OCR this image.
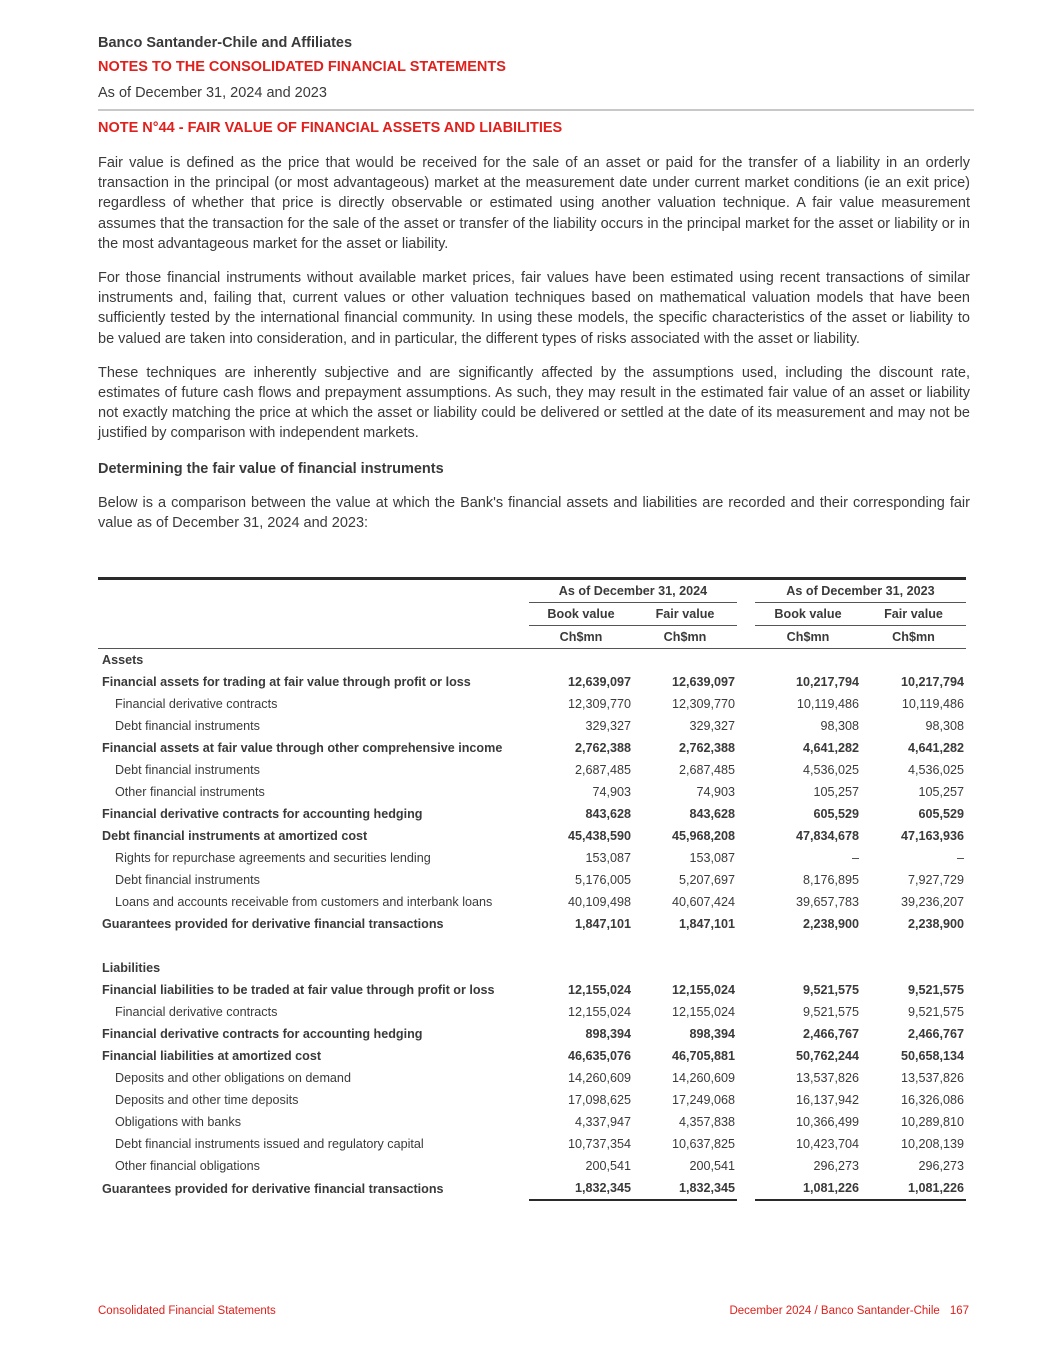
Banco Santander-Chile and Affiliates
NOTES TO THE CONSOLIDATED FINANCIAL STATEMENTS
As of December 31, 2024 and 2023
NOTE N°44 - FAIR VALUE OF FINANCIAL ASSETS AND LIABILITIES

Fair value is defined as the price that would be received for the sale of an asset or paid for the transfer of a liability in an orderly transaction in the principal (or most advantageous) market at the measurement date under current market conditions (ie an exit price) regardless of whether that price is directly observable or estimated using another valuation technique. A fair value measurement assumes that the transaction for the sale of the asset or transfer of the liability occurs in the principal market for the asset or liability or in the most advantageous market for the asset or liability.

For those financial instruments without available market prices, fair values have been estimated using recent transactions of similar instruments and, failing that, current values or other valuation techniques based on mathematical valuation models that have been sufficiently tested by the international financial community. In using these models, the specific characteristics of the asset or liability to be valued are taken into consideration, and in particular, the different types of risks associated with the asset or liability.

These techniques are inherently subjective and are significantly affected by the assumptions used, including the discount rate, estimates of future cash flows and prepayment assumptions. As such, they may result in the estimated fair value of an asset or liability not exactly matching the price at which the asset or liability could be delivered or settled at the date of its measurement and may not be justified by comparison with independent markets.

Determining the fair value of financial instruments

Below is a comparison between the value at which the Bank's financial assets and liabilities are recorded and their corresponding fair value as of December 31, 2024 and 2023:

	As of December 31, 2024			As of December 31, 2023	
	Book value	Fair value		Book value	Fair value
	Ch$mn	Ch$mn		Ch$mn	Ch$mn
Assets					
Financial assets for trading at fair value through profit or loss	12,639,097	12,639,097		10,217,794	10,217,794
Financial derivative contracts	12,309,770	12,309,770		10,119,486	10,119,486
Debt financial instruments	329,327	329,327		98,308	98,308
Financial assets at fair value through other comprehensive income	2,762,388	2,762,388		4,641,282	4,641,282
Debt financial instruments	2,687,485	2,687,485		4,536,025	4,536,025
Other financial instruments	74,903	74,903		105,257	105,257
Financial derivative contracts for accounting hedging	843,628	843,628		605,529	605,529
Debt financial instruments at amortized cost	45,438,590	45,968,208		47,834,678	47,163,936
Rights for repurchase agreements and securities lending	153,087	153,087		–	–
Debt financial instruments	5,176,005	5,207,697		8,176,895	7,927,729
Loans and accounts receivable from customers and interbank loans	40,109,498	40,607,424		39,657,783	39,236,207
Guarantees provided for derivative financial transactions	1,847,101	1,847,101		2,238,900	2,238,900

Liabilities					
Financial liabilities to be traded at fair value through profit or loss	12,155,024	12,155,024		9,521,575	9,521,575
Financial derivative contracts	12,155,024	12,155,024		9,521,575	9,521,575
Financial derivative contracts for accounting hedging	898,394	898,394		2,466,767	2,466,767
Financial liabilities at amortized cost	46,635,076	46,705,881		50,762,244	50,658,134
Deposits and other obligations on demand	14,260,609	14,260,609		13,537,826	13,537,826
Deposits and other time deposits	17,098,625	17,249,068		16,137,942	16,326,086
Obligations with banks	4,337,947	4,357,838		10,366,499	10,289,810
Debt financial instruments issued and regulatory capital	10,737,354	10,637,825		10,423,704	10,208,139
Other financial obligations	200,541	200,541		296,273	296,273
Guarantees provided for derivative financial transactions	1,832,345	1,832,345		1,081,226	1,081,226
Consolidated Financial Statements	December 2024 / Banco Santander-Chile 167
